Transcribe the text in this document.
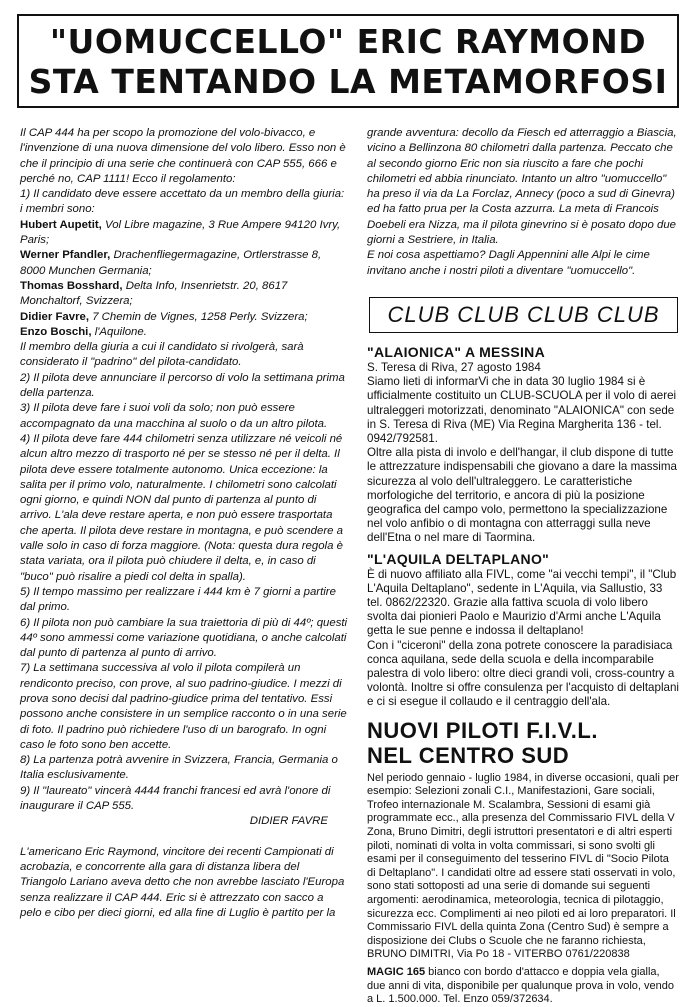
"UOMUCCELLO" ERIC RAYMOND
STA TENTANDO LA METAMORFOSI

Il CAP 444 ha per scopo la promozione del volo-bivacco, e l'invenzione di una nuova dimensione del volo libero. Esso non è che il principio di una serie che continuerà con CAP 555, 666 e perché no, CAP 1111! Ecco il regolamento:

1) Il candidato deve essere accettato da un membro della giuria: i membri sono:

Hubert Aupetit, Vol Libre magazine, 3 Rue Ampere 94120 Ivry, Paris;

Werner Pfandler, Drachenfliegermagazine, Ortlerstrasse 8, 8000 Munchen Germania;

Thomas Bosshard, Delta Info, Insenrietstr. 20, 8617 Monchaltorf, Svizzera;

Didier Favre, 7 Chemin de Vignes, 1258 Perly. Svizzera;

Enzo Boschi, l'Aquilone.

Il membro della giuria a cui il candidato si rivolgerà, sarà considerato il "padrino" del pilota-candidato.

2) Il pilota deve annunciare il percorso di volo la settimana prima della partenza.

3) Il pilota deve fare i suoi voli da solo; non può essere accompagnato da una macchina al suolo o da un altro pilota.

4) Il pilota deve fare 444 chilometri senza utilizzare né veicoli né alcun altro mezzo di trasporto né per se stesso né per il delta. Il pilota deve essere totalmente autonomo. Unica eccezione: la salita per il primo volo, naturalmente. I chilometri sono calcolati ogni giorno, e quindi NON dal punto di partenza al punto di arrivo. L'ala deve restare aperta, e non può essere trasportata che aperta. Il pilota deve restare in montagna, e può scendere a valle solo in caso di forza maggiore. (Nota: questa dura regola è stata variata, ora il pilota può chiudere il delta, e, in caso di "buco" può risalire a piedi col delta in spalla).

5) Il tempo massimo per realizzare i 444 km è 7 giorni a partire dal primo.

6) Il pilota non può cambiare la sua traiettoria di più di 44º; questi 44º sono ammessi come variazione quotidiana, o anche calcolati dal punto di partenza al punto di arrivo.

7) La settimana successiva al volo il pilota compilerà un rendiconto preciso, con prove, al suo padrino-giudice. I mezzi di prova sono decisi dal padrino-giudice prima del tentativo. Essi possono anche consistere in un semplice racconto o in una serie di foto. Il padrino può richiedere l'uso di un barografo. In ogni caso le foto sono ben accette.

8) La partenza potrà avvenire in Svizzera, Francia, Germania o Italia esclusivamente.

9) Il "laureato" vincerà 4444 franchi francesi ed avrà l'onore di inaugurare il CAP 555.

DIDIER FAVRE

L'americano Eric Raymond, vincitore dei recenti Campionati di acrobazia, e concorrente alla gara di distanza libera del Triangolo Lariano aveva detto che non avrebbe lasciato l'Europa senza realizzare il CAP 444. Eric si è attrezzato con sacco a pelo e cibo per dieci giorni, ed alla fine di Luglio è partito per la

grande avventura: decollo da Fiesch ed atterraggio a Biascia, vicino a Bellinzona 80 chilometri dalla partenza. Peccato che al secondo giorno Eric non sia riuscito a fare che pochi chilometri ed abbia rinunciato. Intanto un altro "uomuccello" ha preso il via da La Forclaz, Annecy (poco a sud di Ginevra) ed ha fatto prua per la Costa azzurra. La meta di Francois Doebeli era Nizza, ma il pilota ginevrino si è posato dopo due giorni a Sestriere, in Italia.

E noi cosa aspettiamo? Dagli Appennini alle Alpi le cime invitano anche i nostri piloti a diventare "uomuccello".

CLUB CLUB CLUB CLUB
"ALAIONICA" A MESSINA

S. Teresa di Riva, 27 agosto 1984

Siamo lieti di informarVi che in data 30 luglio 1984 si è ufficialmente costituito un CLUB-SCUOLA per il volo di aerei ultraleggeri motorizzati, denominato "ALAIONICA" con sede in S. Teresa di Riva (ME) Via Regina Margherita 136 - tel. 0942/792581.

Oltre alla pista di involo e dell'hangar, il club dispone di tutte le attrezzature indispensabili che giovano a dare la massima sicurezza al volo dell'ultraleggero. Le caratteristiche morfologiche del territorio, e ancora di più la posizione geografica del campo volo, permettono la specializzazione nel volo anfibio o di montagna con atterraggi sulla neve dell'Etna o nel mare di Taormina.

"L'AQUILA DELTAPLANO"

È di nuovo affiliato alla FIVL, come "ai vecchi tempi", il "Club L'Aquila Deltaplano", sedente in L'Aquila, via Sallustio, 33 tel. 0862/22320. Grazie alla fattiva scuola di volo libero svolta dai pionieri Paolo e Maurizio d'Armi anche L'Aquila getta le sue penne e indossa il deltaplano!

Con i "ciceroni" della zona potrete conoscere la paradisiaca conca aquilana, sede della scuola e della incomparabile palestra di volo libero: oltre dieci grandi voli, cross-country a volontà. Inoltre si offre consulenza per l'acquisto di deltaplani e ci si esegue il collaudo e il centraggio dell'ala.

NUOVI PILOTI F.I.V.L.
NEL CENTRO SUD

Nel periodo gennaio - luglio 1984, in diverse occasioni, quali per esempio: Selezioni zonali C.I., Manifestazioni, Gare sociali, Trofeo internazionale M. Scalambra, Sessioni di esami già programmate ecc., alla presenza del Commissario FIVL della V Zona, Bruno Dimitri, degli istruttori presentatori e di altri esperti piloti, nominati di volta in volta commissari, si sono svolti gli esami per il conseguimento del tesserino FIVL di "Socio Pilota di Deltaplano". I candidati oltre ad essere stati osservati in volo, sono stati sottoposti ad una serie di domande sui seguenti argomenti: aerodinamica, meteorologia, tecnica di pilotaggio, sicurezza ecc. Complimenti ai neo piloti ed ai loro preparatori. Il Commissario FIVL della quinta Zona (Centro Sud) è sempre a disposizione dei Clubs o Scuole che ne faranno richiesta, BRUNO DIMITRI, Via Po 18 - VITERBO 0761/220838

MAGIC 165 bianco con bordo d'attacco e doppia vela gialla, due anni di vita, disponibile per qualunque prova in volo, vendo a L. 1.500.000. Tel. Enzo 059/372634.
